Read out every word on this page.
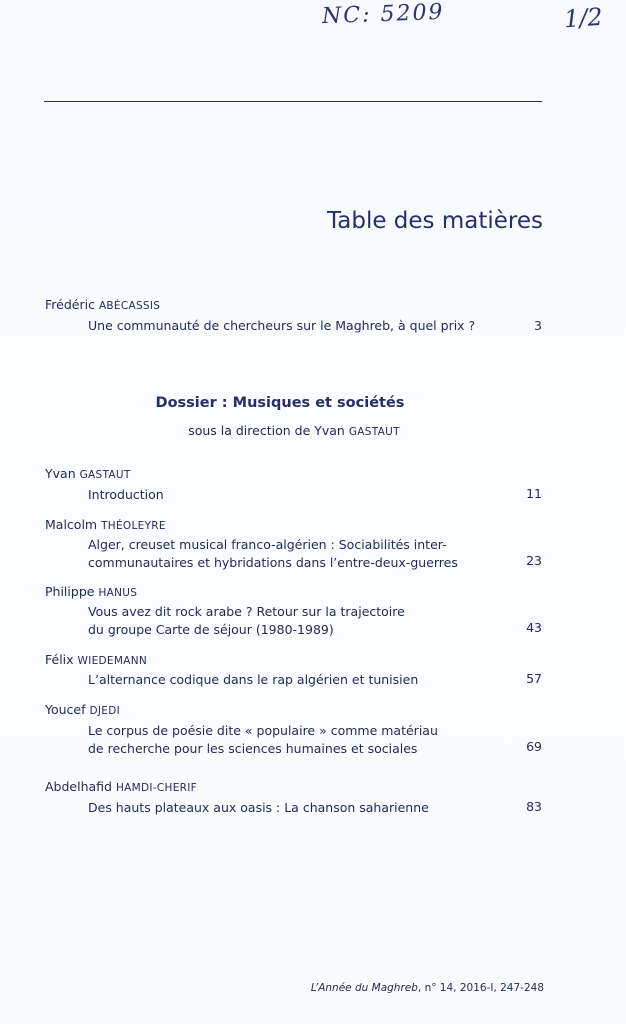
NC: 5209	1/2
Table des matières
Frédéric ABÉCASSIS
Une communauté de chercheurs sur le Maghreb, à quel prix ?	3
Dossier : Musiques et sociétés
sous la direction de Yvan GASTAUT
Yvan GASTAUT
Introduction	11
Malcolm THÉOLEYRE
Alger, creuset musical franco-algérien : Sociabilités inter-
communautaires et hybridations dans l’entre-deux-guerres	23
Philippe HANUS
Vous avez dit rock arabe ? Retour sur la trajectoire
du groupe Carte de séjour (1980-1989)	43
Félix WIEDEMANN
L’alternance codique dans le rap algérien et tunisien	57
Youcef DJEDI
Le corpus de poésie dite « populaire » comme matériau
de recherche pour les sciences humaines et sociales	69
Abdelhafid HAMDI-CHERIF
Des hauts plateaux aux oasis : La chanson saharienne	83
L’Année du Maghreb, n° 14, 2016-I, 247-248
